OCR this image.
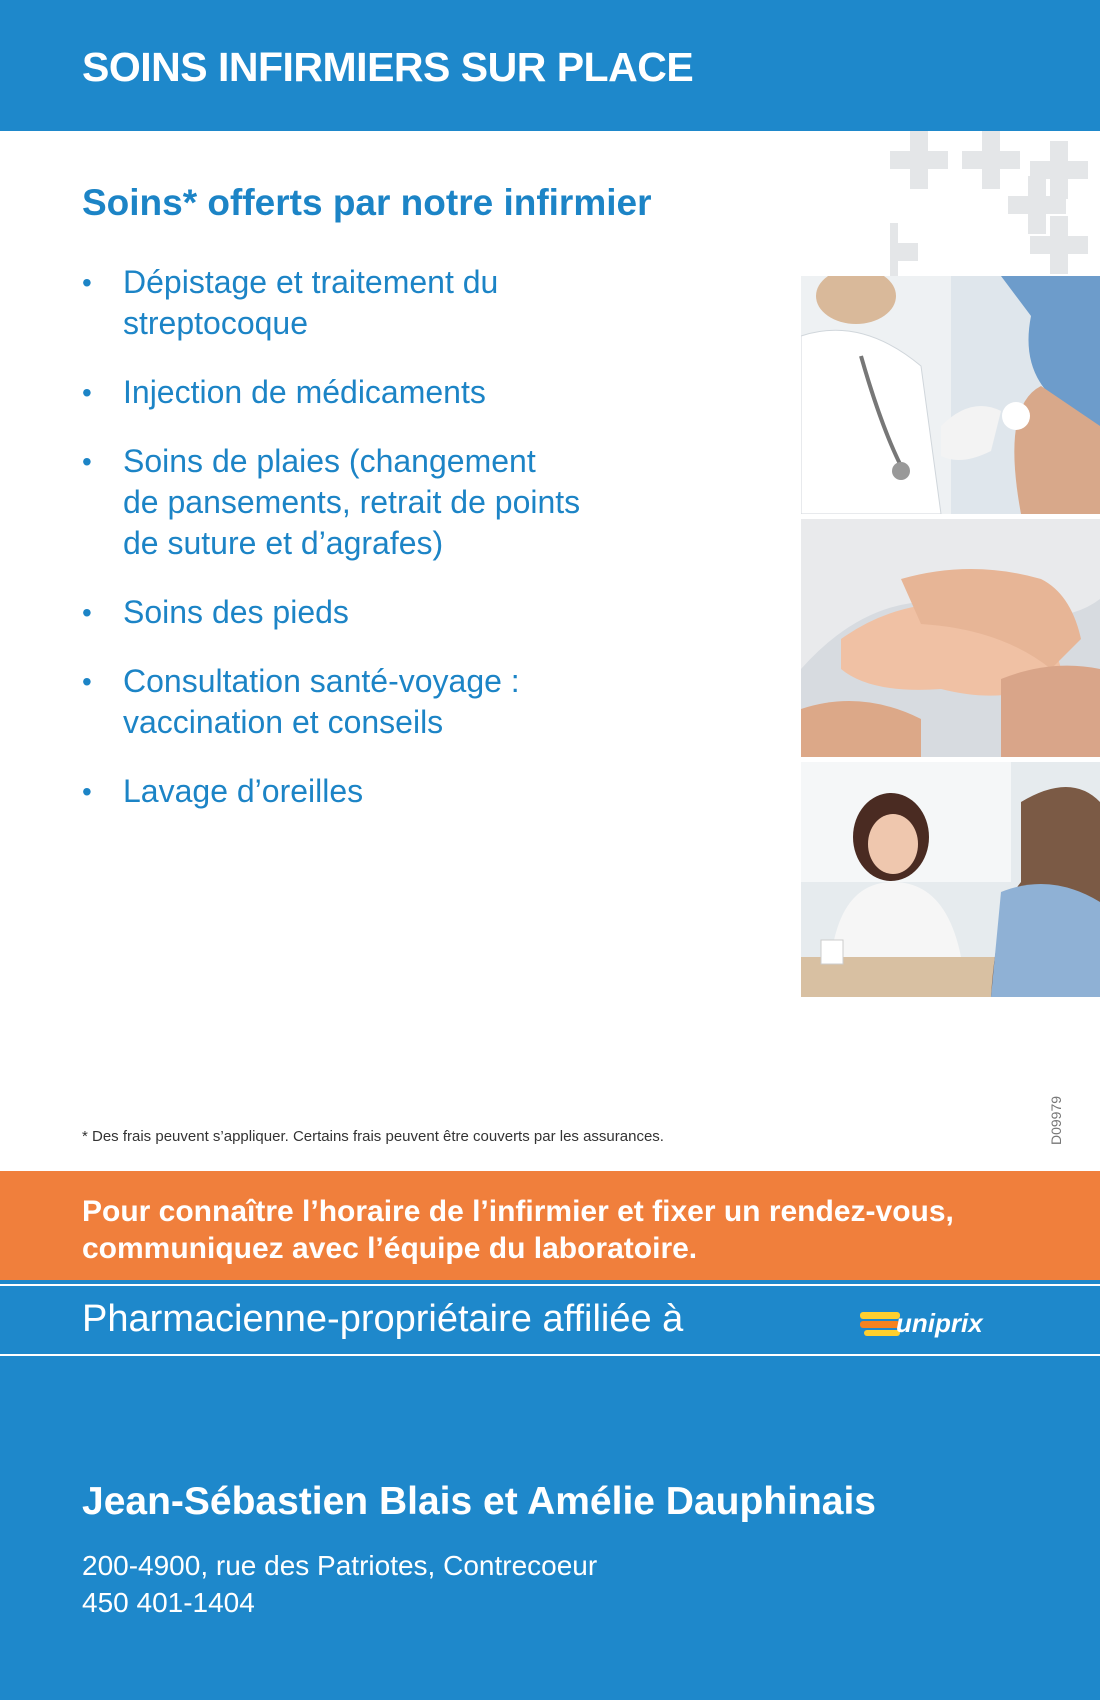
SOINS INFIRMIERS SUR PLACE
Soins* offerts par notre infirmier
• Dépistage et traitement du
streptocoque
• Injection de médicaments
• Soins de plaies (changement
de pansements, retrait de points
de suture et d’agrafes)
• Soins des pieds
• Consultation santé-voyage :
vaccination et conseils
• Lavage d’oreilles

* Des frais peuvent s’appliquer. Certains frais peuvent être couverts par les assurances.	D09979

Pour connaître l’horaire de l’infirmier et fixer un rendez-vous,
communiquez avec l’équipe du laboratoire.

Pharmacienne-propriétaire affiliée à	uniprix
Jean-Sébastien Blais et Amélie Dauphinais
200-4900, rue des Patriotes, Contrecoeur
450 401-1404
